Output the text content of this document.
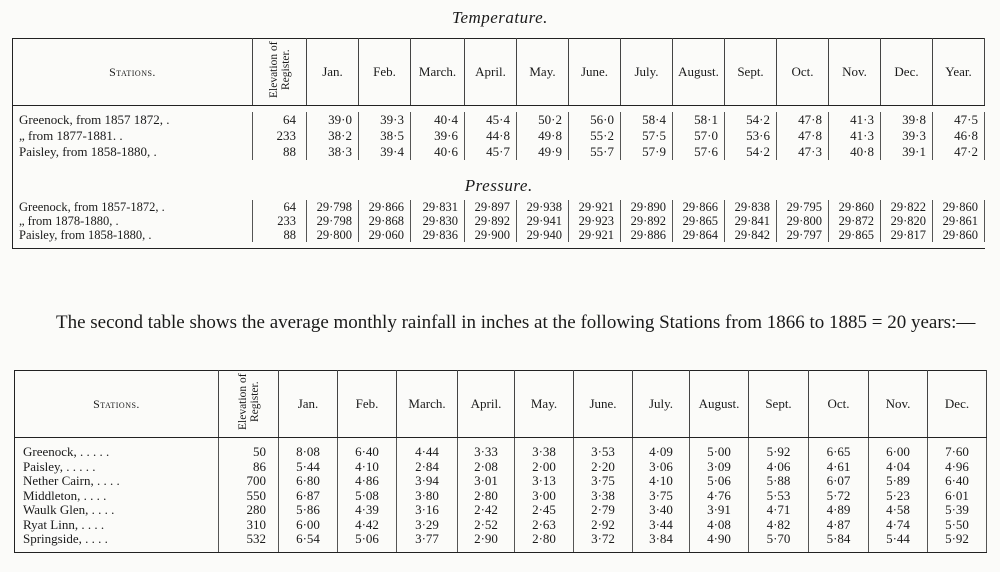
Temperature.
Stations.	Elevation of Register.	Jan.	Feb.	March.	April.	May.	June.	July.	August.	Sept.	Oct.	Nov.	Dec.	Year.

Greenock, from 1857 1872, .	64	39·0	39·3	40·4	45·4	50·2	56·0	58·4	58·1	54·2	47·8	41·3	39·8	47·5
„ from 1877-1881. .	233	38·2	38·5	39·6	44·8	49·8	55·2	57·5	57·0	53·6	47·8	41·3	39·3	46·8
Paisley, from 1858-1880, .	88	38·3	39·4	40·6	45·7	49·9	55·7	57·9	57·6	54·2	47·3	40·8	39·1	47·2

Pressure.														

Greenock, from 1857-1872, .	64	29·798	29·866	29·831	29·897	29·938	29·921	29·890	29·866	29·838	29·795	29·860	29·822	29·860
„ from 1878-1880, .	233	29·798	29·868	29·830	29·892	29·941	29·923	29·892	29·865	29·841	29·800	29·872	29·820	29·861
Paisley, from 1858-1880, .	88	29·800	29·060	29·836	29·900	29·940	29·921	29·886	29·864	29·842	29·797	29·865	29·817	29·860

The second table shows the average monthly rainfall in inches at the following Stations from 1866 to 1885 = 20 years:—
Stations.	Elevation of Register.	Jan.	Feb.	March.	April.	May.	June.	July.	August.	Sept.	Oct.	Nov.	Dec.

Greenock, . . . . .	50	8·08	6·40	4·44	3·33	3·38	3·53	4·09	5·00	5·92	6·65	6·00	7·60
Paisley, . . . . .	86	5·44	4·10	2·84	2·08	2·00	2·20	3·06	3·09	4·06	4·61	4·04	4·96
Nether Cairn, . . . .	700	6·80	4·86	3·94	3·01	3·13	3·75	4·10	5·06	5·88	6·07	5·89	6·40
Middleton, . . . .	550	6·87	5·08	3·80	2·80	3·00	3·38	3·75	4·76	5·53	5·72	5·23	6·01
Waulk Glen, . . . .	280	5·86	4·39	3·16	2·42	2·45	2·79	3·40	3·91	4·71	4·89	4·58	5·39
Ryat Linn, . . . .	310	6·00	4·42	3·29	2·52	2·63	2·92	3·44	4·08	4·82	4·87	4·74	5·50
Springside, . . . .	532	6·54	5·06	3·77	2·90	2·80	3·72	3·84	4·90	5·70	5·84	5·44	5·92
